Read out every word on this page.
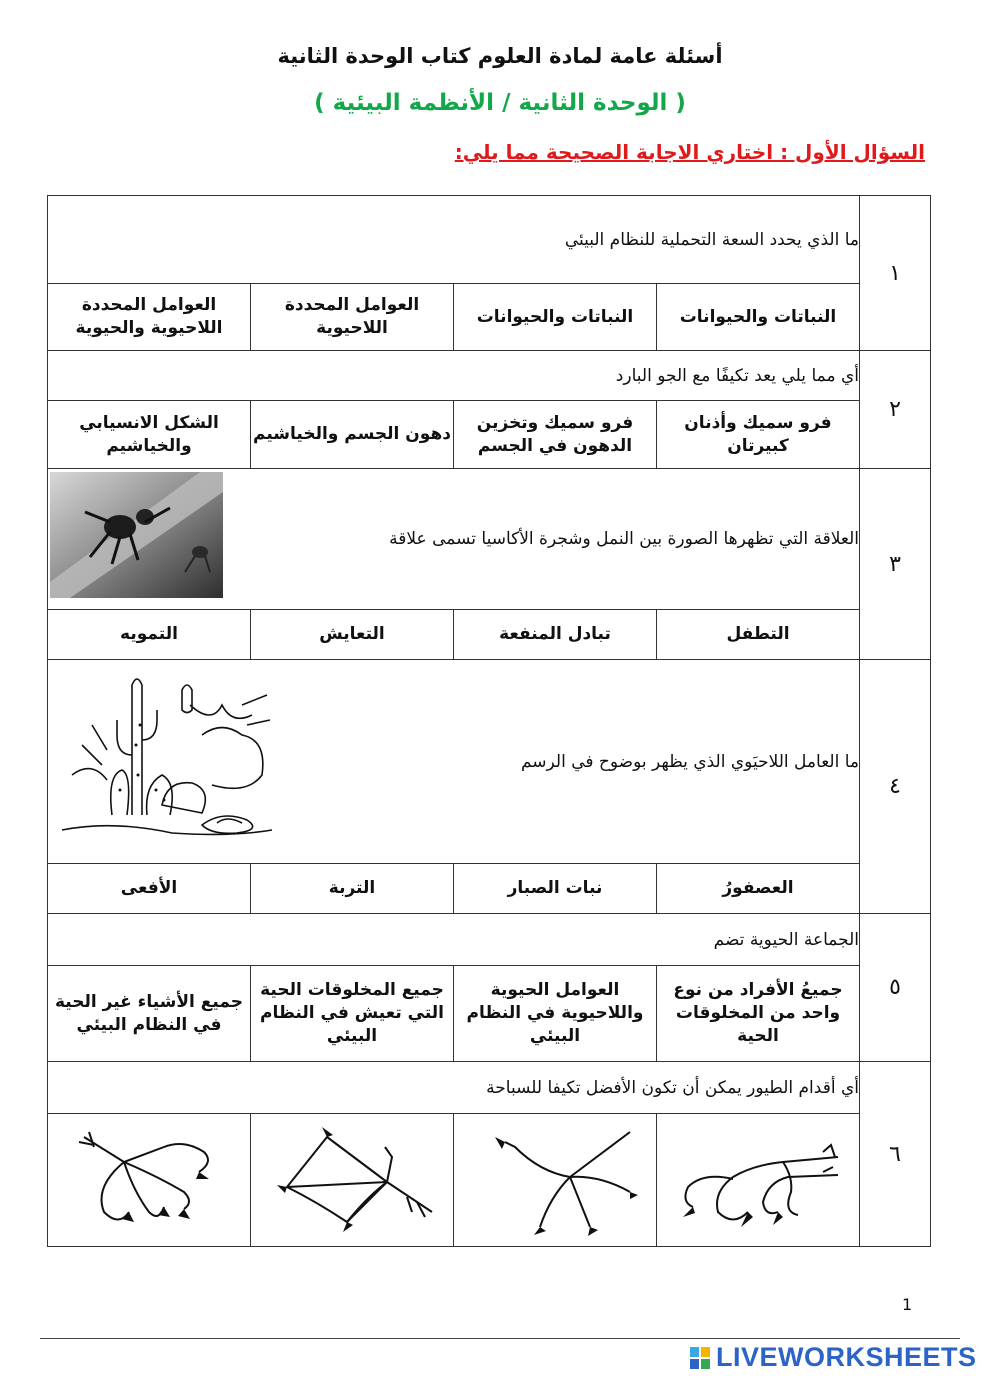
أسئلة عامة لمادة العلوم كتاب الوحدة الثانية
( الوحدة الثانية / الأنظمة البيئية )
السؤال الأول : اختاري الاجابة الصحيحة مما يلي:
١	ما الذي يحدد السعة التحملية للنظام البيئي			
	النباتات والحيوانات	النباتات والحيوانات	العوامل المحددة اللاحيوية	العوامل المحددة اللاحيوية والحيوية
٢	أي مما يلي يعد تكيفًا مع الجو البارد			
	فرو سميك وأذنان كبيرتان	فرو سميك وتخزين الدهون في الجسم	دهون الجسم والخياشيم	الشكل الانسيابي والخياشيم
٣	العلاقة التي تظهرها الصورة بين النمل وشجرة الأكاسيا تسمى علاقة			

	التطفل	تبادل المنفعة	التعايش	التمويه
٤	ما العامل اللاحيَوي الذي يظهر بوضوح في الرسم			

	العصفورُ	نبات الصبار	التربة	الأفعى
٥	الجماعة الحيوية تضم			
	جميعُ الأفراد من نوع واحد من المخلوقات الحية	العوامل الحيوية واللاحيوية في النظام البيئي	جميع المخلوقات الحية التي تعيش في النظام البيئي	جميع الأشياء غير الحية في النظام البيئي
٦	أي أقدام الطيور يمكن أن تكون الأفضل تكيفا للسباحة			

1
LIVEWORKSHEETS
